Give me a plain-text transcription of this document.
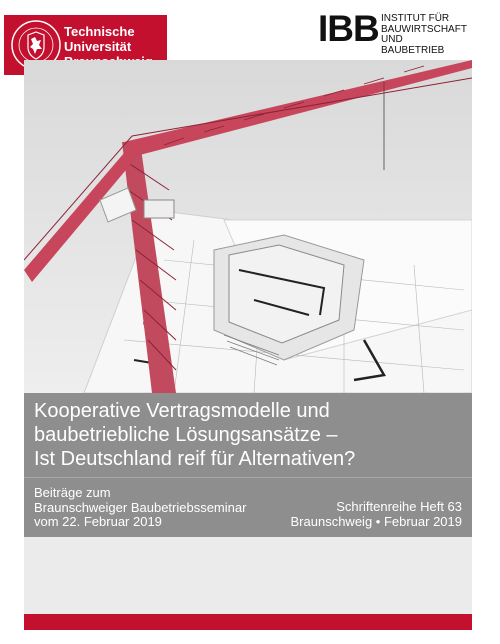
Technische
Universität	IBB INSTITUT FÜR
BAUWIRTSCHAFT UND
BAUBETRIEB
Kooperative Vertragsmodelle und
baubetriebliche Lösungsansätze –
Ist Deutschland reif für Alternativen?
Beiträge zum
Braunschweiger Baubetriebsseminar
vom 22. Februar 2019
Schriftenreihe Heft 63
Braunschweig • Februar 2019
